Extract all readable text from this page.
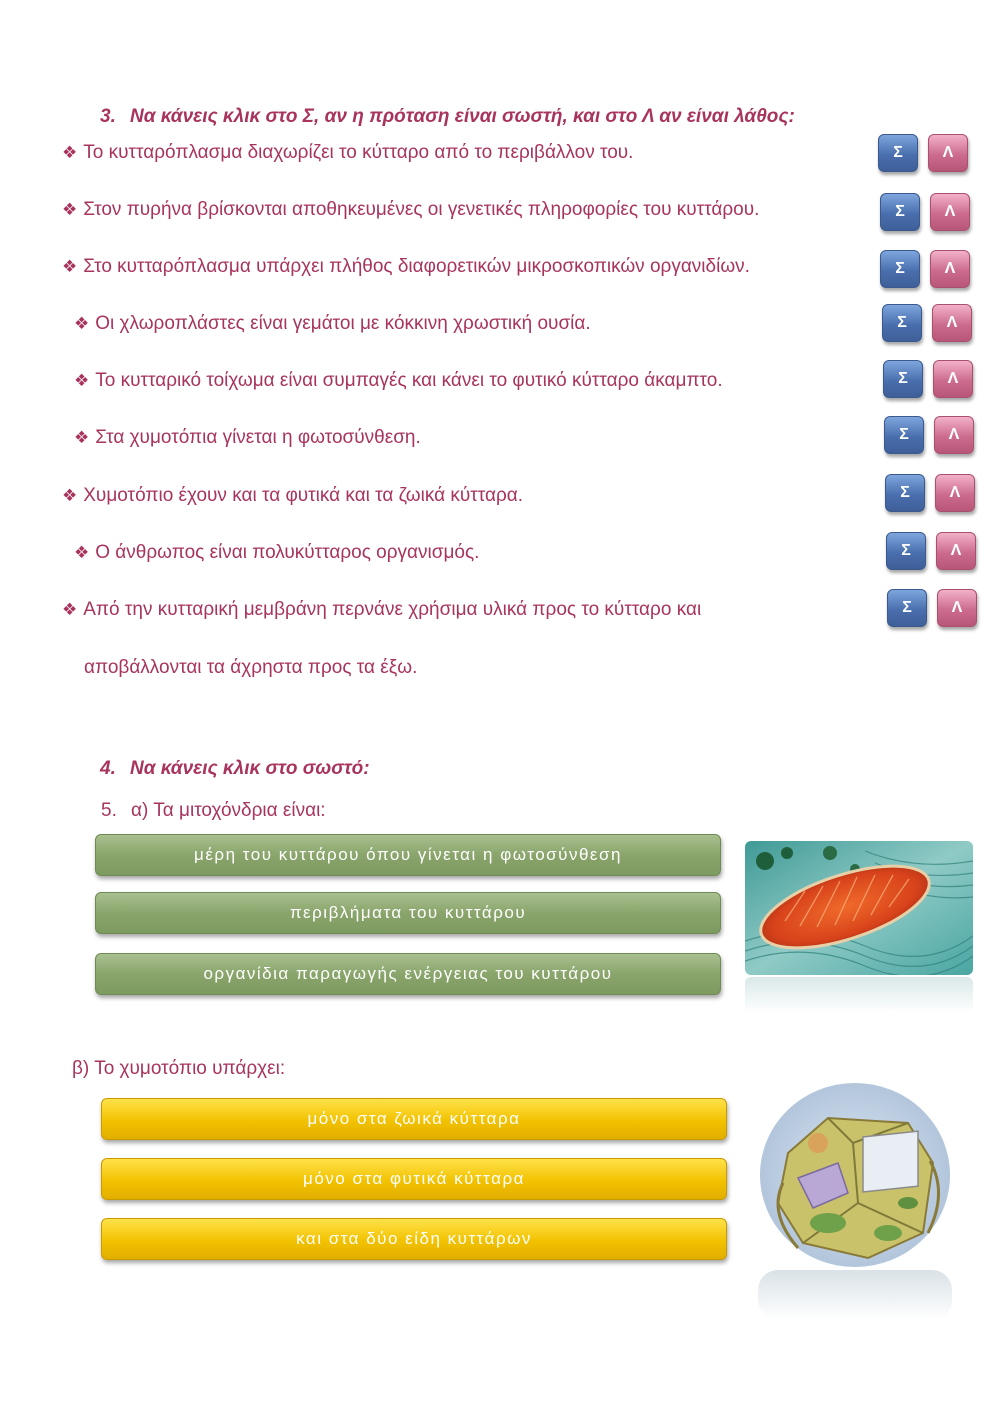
3. Να κάνεις κλικ στο Σ, αν η πρόταση είναι σωστή, και στο Λ αν είναι λάθος:
❖ Το κυτταρόπλασμα διαχωρίζει το κύτταρο από το περιβάλλον του.	Σ	Λ
❖ Στον πυρήνα βρίσκονται αποθηκευμένες οι γενετικές πληροφορίες του κυττάρου.	Σ	Λ
❖ Στο κυτταρόπλασμα υπάρχει πλήθος διαφορετικών μικροσκοπικών οργανιδίων.	Σ	Λ
❖ Οι χλωροπλάστες είναι γεμάτοι με κόκκινη χρωστική ουσία.	Σ	Λ
❖ Το κυτταρικό τοίχωμα είναι συμπαγές και κάνει το φυτικό κύτταρο άκαμπτο.	Σ	Λ
❖ Στα χυμοτόπια γίνεται η φωτοσύνθεση.	Σ	Λ
❖ Χυμοτόπιο έχουν και τα φυτικά και τα ζωικά κύτταρα.	Σ	Λ
❖ Ο άνθρωπος είναι πολυκύτταρος οργανισμός.	Σ	Λ
❖ Από την κυτταρική μεμβράνη περνάνε χρήσιμα υλικά προς το κύτταρο και
αποβάλλονται τα άχρηστα προς τα έξω.
Σ	Λ
4. Να κάνεις κλικ στο σωστό:
5. α) Τα μιτοχόνδρια είναι:
μέρη του κυττάρου όπου γίνεται η φωτοσύνθεση
περιβλήματα του κυττάρου
οργανίδια παραγωγής ενέργειας του κυττάρου
β) Το χυμοτόπιο υπάρχει:
μόνο στα ζωικά κύτταρα
μόνο στα φυτικά κύτταρα
και στα δύο είδη κυττάρων
